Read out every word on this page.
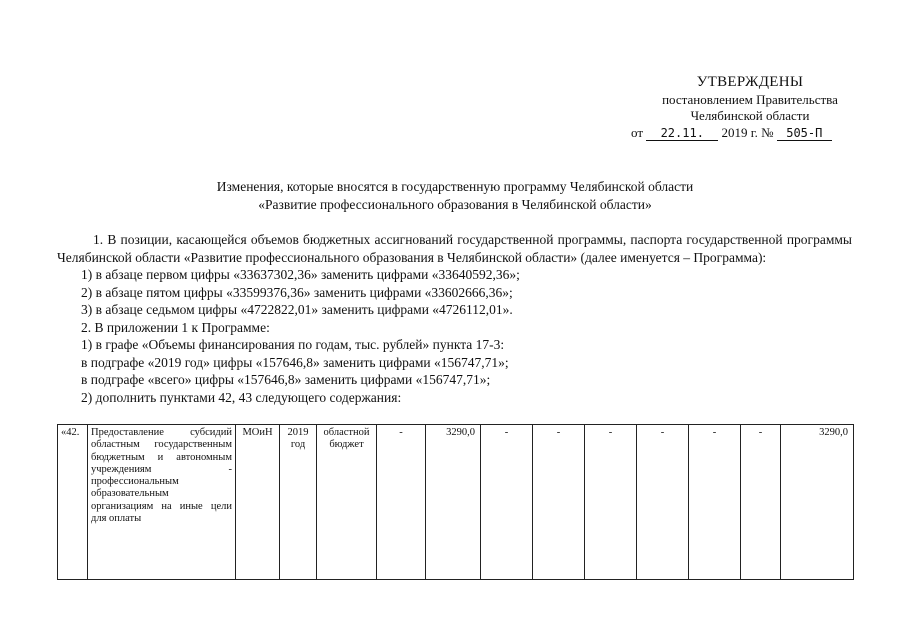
УТВЕРЖДЕНЫ
постановлением Правительства
Челябинской области
от 22.11. 2019 г. № 505-П
Изменения, которые вносятся в государственную программу Челябинской области
«Развитие профессионального образования в Челябинской области»

1. В позиции, касающейся объемов бюджетных ассигнований государственной программы, паспорта государственной программы Челябинской области «Развитие профессионального образования в Челябинской области» (далее именуется – Программа):

1) в абзаце первом цифры «33637302,36» заменить цифрами «33640592,36»;

2) в абзаце пятом цифры «33599376,36» заменить цифрами «33602666,36»;

3) в абзаце седьмом цифры «4722822,01» заменить цифрами «4726112,01».

2. В приложении 1 к Программе:

1) в графе «Объемы финансирования по годам, тыс. рублей» пункта 17-3:

в подграфе «2019 год» цифры «157646,8» заменить цифрами «156747,71»;

в подграфе «всего» цифры «157646,8» заменить цифрами «156747,71»;

2) дополнить пунктами 42, 43 следующего содержания:

«42.	Предоставление субсидий областным государственным бюджетным и автономным учреждениям - профессиональным образовательным организациям на иные цели для оплаты	МОиН	2019 год	областной бюджет	-	3290,0	-	-	-	-	-	-	3290,0
